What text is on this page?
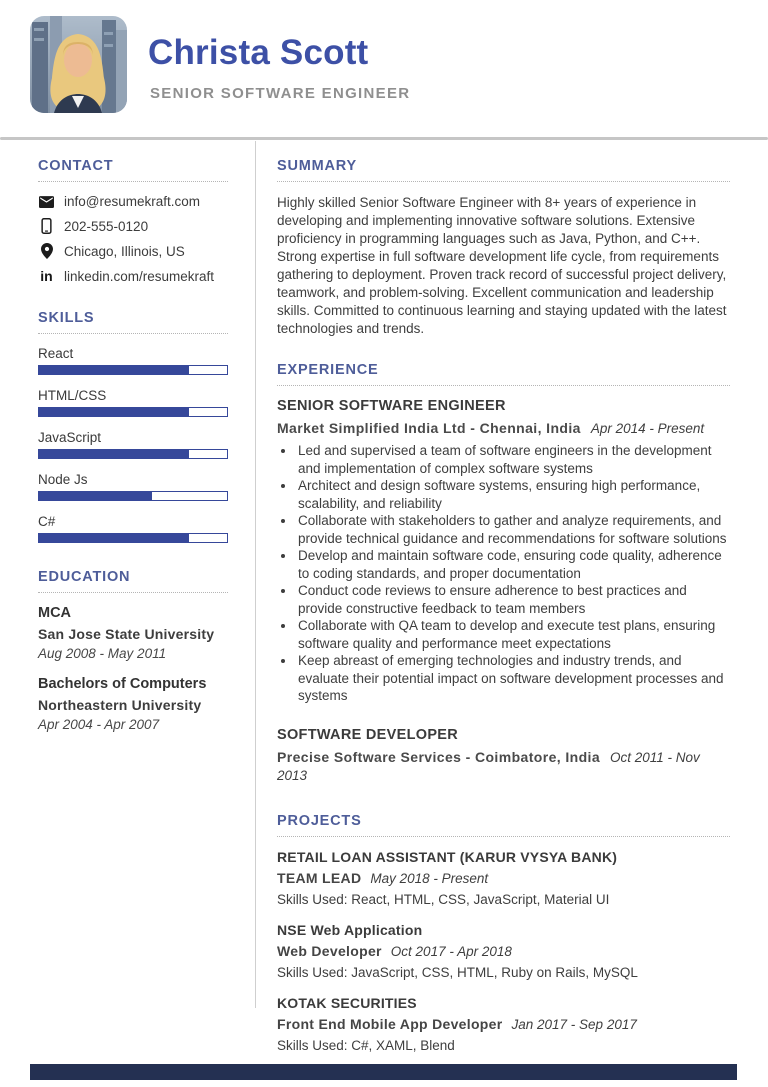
Christa Scott
SENIOR SOFTWARE ENGINEER
CONTACT
info@resumekraft.com
202-555-0120
Chicago, Illinois, US
in linkedin.com/resumekraft
SKILLS
React
HTML/CSS
JavaScript
Node Js
C#
EDUCATION
MCA
San Jose State University
Aug 2008 - May 2011
Bachelors of Computers
Northeastern University
Apr 2004 - Apr 2007
SUMMARY

Highly skilled Senior Software Engineer with 8+ years of experience in developing and implementing innovative software solutions. Extensive proficiency in programming languages such as Java, Python, and C++. Strong expertise in full software development life cycle, from requirements gathering to deployment. Proven track record of successful project delivery, teamwork, and problem-solving. Excellent communication and leadership skills. Committed to continuous learning and staying updated with the latest technologies and trends.

EXPERIENCE
SENIOR SOFTWARE ENGINEER
Market Simplified India Ltd - Chennai, India Apr 2014 - Present
• Led and supervised a team of software engineers in the development and implementation of complex software systems
• Architect and design software systems, ensuring high performance, scalability, and reliability
• Collaborate with stakeholders to gather and analyze requirements, and provide technical guidance and recommendations for software solutions
• Develop and maintain software code, ensuring code quality, adherence to coding standards, and proper documentation
• Conduct code reviews to ensure adherence to best practices and provide constructive feedback to team members
• Collaborate with QA team to develop and execute test plans, ensuring software quality and performance meet expectations
• Keep abreast of emerging technologies and industry trends, and evaluate their potential impact on software development processes and systems
SOFTWARE DEVELOPER
Precise Software Services - Coimbatore, India Oct 2011 - Nov 2013
PROJECTS
RETAIL LOAN ASSISTANT (KARUR VYSYA BANK)
TEAM LEAD May 2018 - Present
Skills Used: React, HTML, CSS, JavaScript, Material UI
NSE Web Application
Web Developer Oct 2017 - Apr 2018
Skills Used: JavaScript, CSS, HTML, Ruby on Rails, MySQL
KOTAK SECURITIES
Front End Mobile App Developer Jan 2017 - Sep 2017
Skills Used: C#, XAML, Blend
